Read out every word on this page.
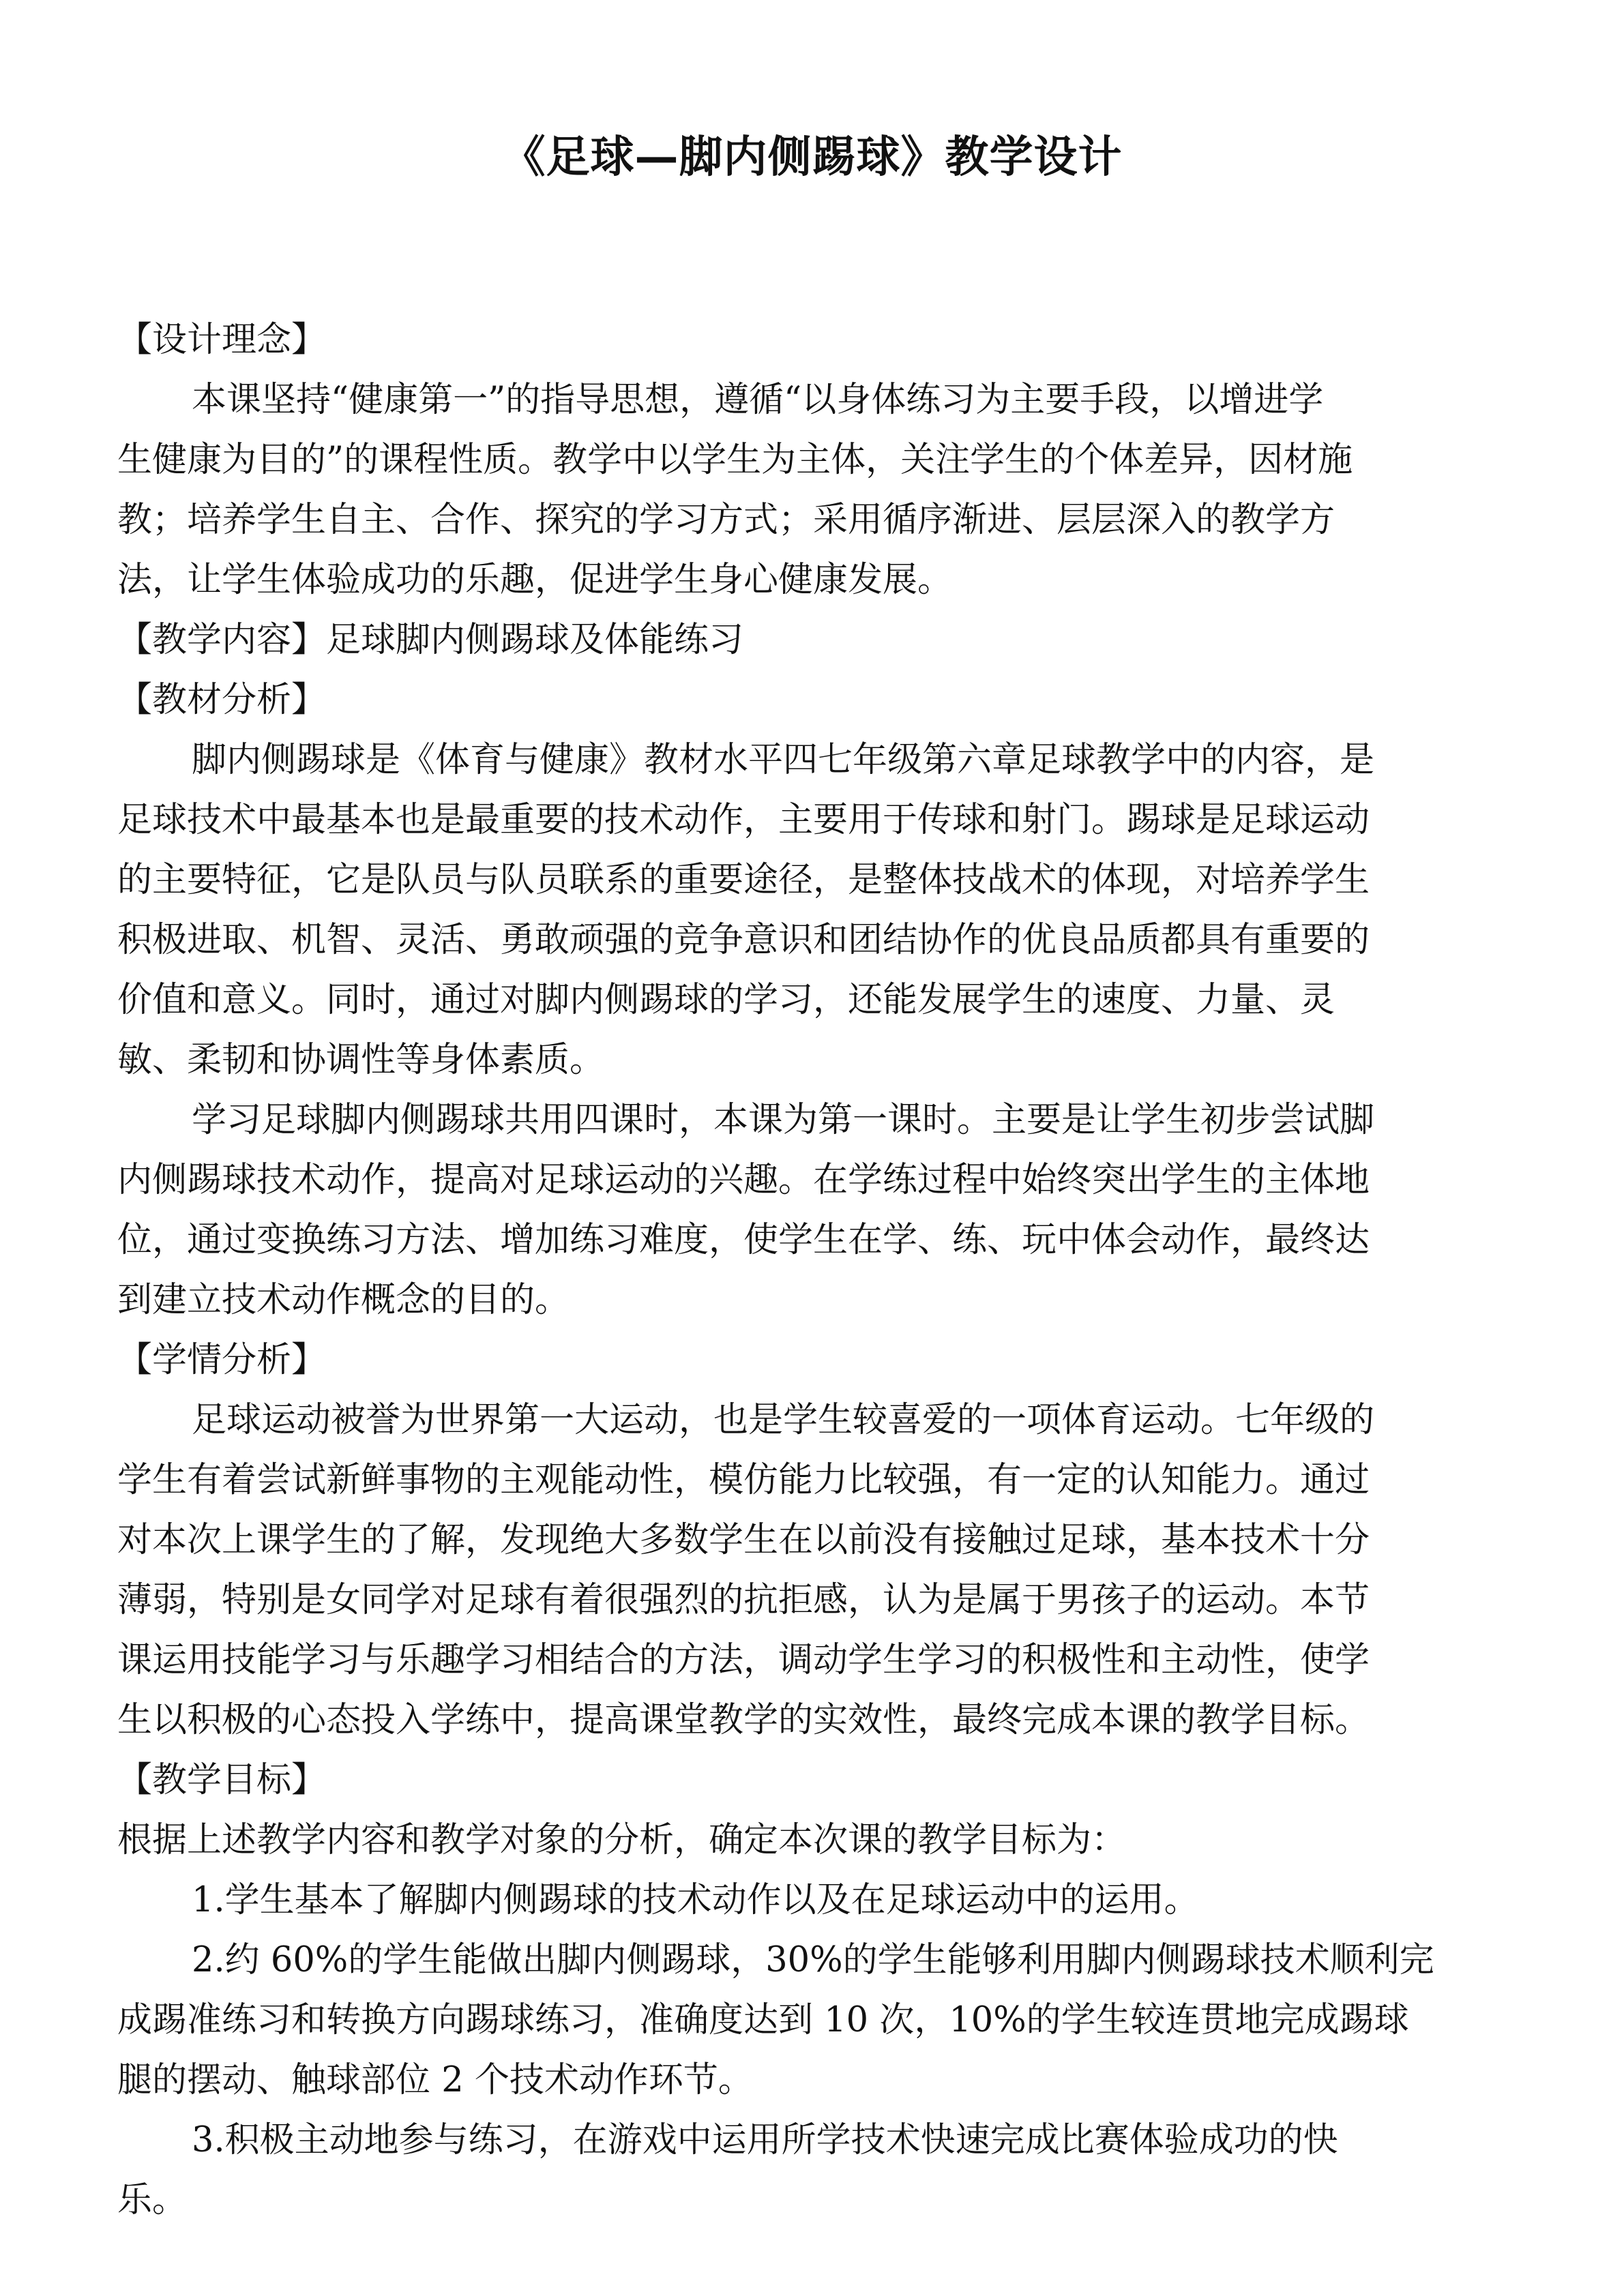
《足球—脚内侧踢球》教学设计
【设计理念】
本课坚持“健康第一”的指导思想，遵循“以身体练习为主要手段，以增进学
生健康为目的”的课程性质。教学中以学生为主体，关注学生的个体差异，因材施
教；培养学生自主、合作、探究的学习方式；采用循序渐进、层层深入的教学方
法，让学生体验成功的乐趣，促进学生身心健康发展。
【教学内容】足球脚内侧踢球及体能练习
【教材分析】
脚内侧踢球是《体育与健康》教材水平四七年级第六章足球教学中的内容，是
足球技术中最基本也是最重要的技术动作，主要用于传球和射门。踢球是足球运动
的主要特征，它是队员与队员联系的重要途径，是整体技战术的体现，对培养学生
积极进取、机智、灵活、勇敢顽强的竞争意识和团结协作的优良品质都具有重要的
价值和意义。同时，通过对脚内侧踢球的学习，还能发展学生的速度、力量、灵
敏、柔韧和协调性等身体素质。
学习足球脚内侧踢球共用四课时，本课为第一课时。主要是让学生初步尝试脚
内侧踢球技术动作，提高对足球运动的兴趣。在学练过程中始终突出学生的主体地
位，通过变换练习方法、增加练习难度，使学生在学、练、玩中体会动作，最终达
到建立技术动作概念的目的。
【学情分析】
足球运动被誉为世界第一大运动，也是学生较喜爱的一项体育运动。七年级的
学生有着尝试新鲜事物的主观能动性，模仿能力比较强，有一定的认知能力。通过
对本次上课学生的了解，发现绝大多数学生在以前没有接触过足球，基本技术十分
薄弱，特别是女同学对足球有着很强烈的抗拒感，认为是属于男孩子的运动。本节
课运用技能学习与乐趣学习相结合的方法，调动学生学习的积极性和主动性，使学
生以积极的心态投入学练中，提高课堂教学的实效性，最终完成本课的教学目标。
【教学目标】
根据上述教学内容和教学对象的分析，确定本次课的教学目标为：
1.学生基本了解脚内侧踢球的技术动作以及在足球运动中的运用。
2.约 60%的学生能做出脚内侧踢球，30%的学生能够利用脚内侧踢球技术顺利完
成踢准练习和转换方向踢球练习，准确度达到 10 次，10%的学生较连贯地完成踢球
腿的摆动、触球部位 2 个技术动作环节。
3.积极主动地参与练习，在游戏中运用所学技术快速完成比赛体验成功的快
乐。
